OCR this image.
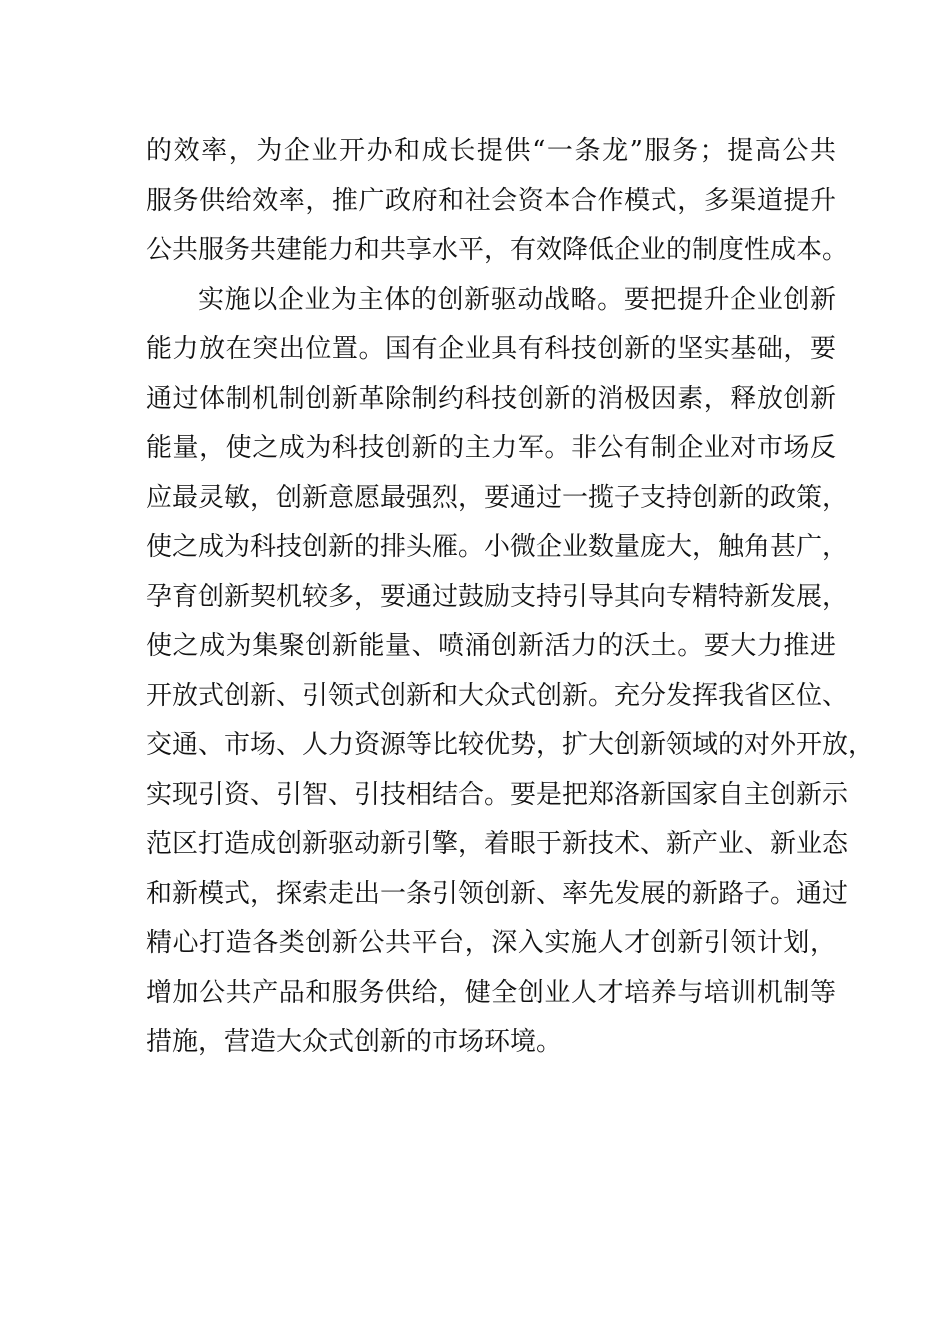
的效率，为企业开办和成长提供“一条龙”服务；提高公共
服务供给效率，推广政府和社会资本合作模式，多渠道提升
公共服务共建能力和共享水平，有效降低企业的制度性成本。
实施以企业为主体的创新驱动战略。要把提升企业创新
能力放在突出位置。国有企业具有科技创新的坚实基础，要
通过体制机制创新革除制约科技创新的消极因素，释放创新
能量，使之成为科技创新的主力军。非公有制企业对市场反
应最灵敏，创新意愿最强烈，要通过一揽子支持创新的政策，
使之成为科技创新的排头雁。小微企业数量庞大，触角甚广，
孕育创新契机较多，要通过鼓励支持引导其向专精特新发展，
使之成为集聚创新能量、喷涌创新活力的沃土。要大力推进
开放式创新、引领式创新和大众式创新。充分发挥我省区位、
交通、市场、人力资源等比较优势，扩大创新领域的对外开放，
实现引资、引智、引技相结合。要是把郑洛新国家自主创新示
范区打造成创新驱动新引擎，着眼于新技术、新产业、新业态
和新模式，探索走出一条引领创新、率先发展的新路子。通过
精心打造各类创新公共平台，深入实施人才创新引领计划，
增加公共产品和服务供给，健全创业人才培养与培训机制等
措施，营造大众式创新的市场环境。
